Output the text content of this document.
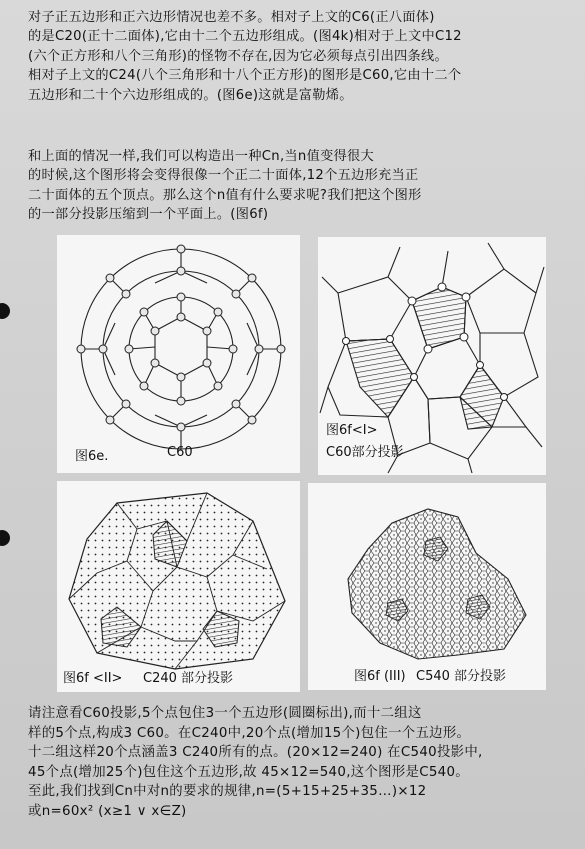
对子正五边形和正六边形情况也差不多。相对子上文的C6(正八面体)
的是C20(正十二面体),它由十二个五边形组成。(图4k)相对于上文中C12
(六个正方形和八个三角形)的怪物不存在,因为它必须每点引出四条线。
相对子上文的C24(八个三角形和十八个正方形)的图形是C60,它由十二个
五边形和二十个六边形组成的。(图6e)这就是富勒烯。
和上面的情况一样,我们可以构造出一种Cn,当n值变得很大
的时候,这个图形将会变得很像一个正二十面体,12个五边形充当正
二十面体的五个顶点。那么这个n值有什么要求呢?我们把这个图形
的一部分投影压缩到一个平面上。(图6f)
图6e.	C60
图6f<I>
C60部分投影
图6f <II> C240 部分投影	图6f (III) C540 部分投影
请注意看C60投影,5个点包住3一个五边形(圆圈标出),而十二组这
样的5个点,构成3 C60。在C240中,20个点(增加15个)包住一个五边形。
十二组这样20个点涵盖3 C240所有的点。(20×12=240) 在C540投影中,
45个点(增加25个)包住这个五边形,故 45×12=540,这个图形是C540。
至此,我们找到Cn中对n的要求的规律,n=(5+15+25+35…)×12
或n=60x² (x≥1 ∨ x∈Z)
